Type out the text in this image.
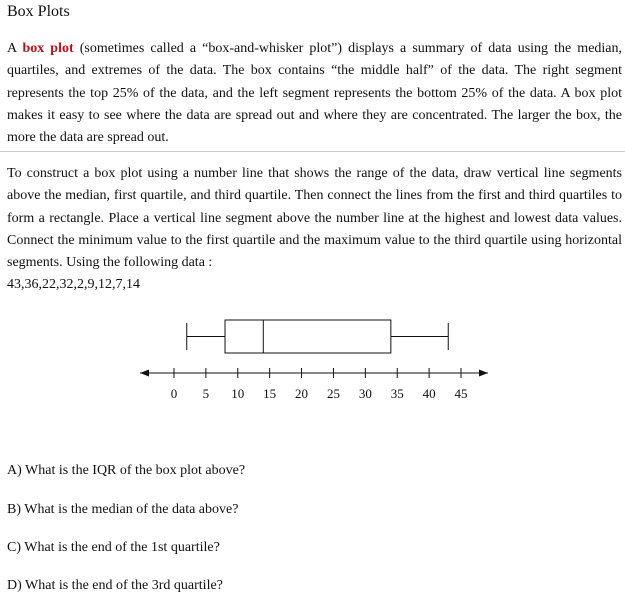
Box Plots

A box plot (sometimes called a “box-and-whisker plot”) displays a summary of data using the median, quartiles, and extremes of the data. The box contains “the middle half” of the data. The right segment represents the top 25% of the data, and the left segment represents the bottom 25% of the data. A box plot makes it easy to see where the data are spread out and where they are concentrated. The larger the box, the more the data are spread out.

To construct a box plot using a number line that shows the range of the data, draw vertical line segments above the median, first quartile, and third quartile. Then connect the lines from the first and third quartiles to form a rectangle. Place a vertical line segment above the number line at the highest and lowest data values. Connect the minimum value to the first quartile and the maximum value to the third quartile using horizontal segments. Using the following data :
43,36,22,32,2,9,12,7,14

0 5 10 15 20 25 30 35 40 45
A) What is the IQR of the box plot above?
B) What is the median of the data above?
C) What is the end of the 1st quartile?
D) What is the end of the 3rd quartile?
